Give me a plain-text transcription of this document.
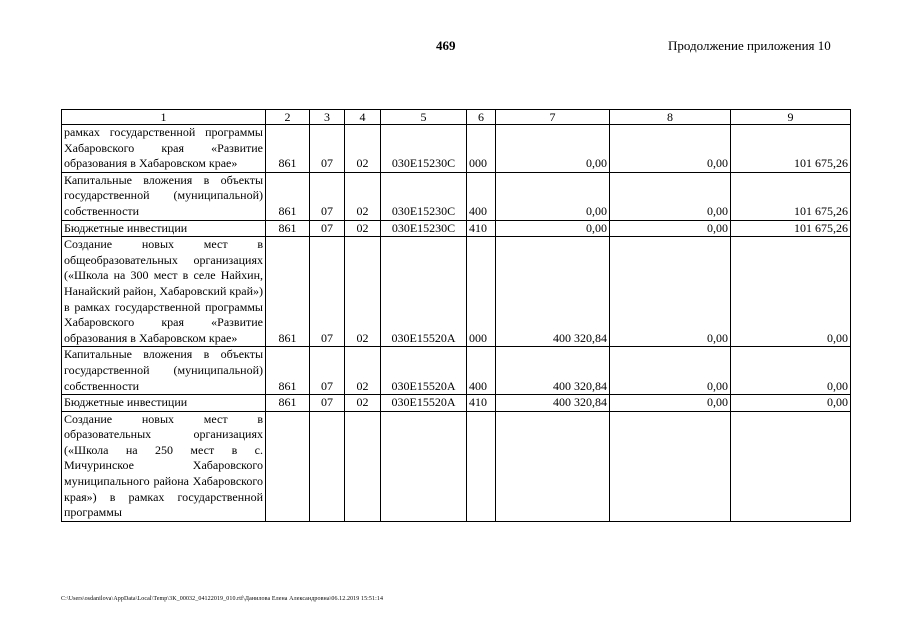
469	Продолжение приложения 10
1	2	3	4	5	6	7	8	9
рамках государственной программы Хабаровского края «Развитие образования в Хабаровском крае»	861	07	02	030E15230C	000	0,00	0,00	101 675,26
Капитальные вложения в объекты государственной (муниципальной) собственности	861	07	02	030E15230C	400	0,00	0,00	101 675,26
Бюджетные инвестиции	861	07	02	030E15230C	410	0,00	0,00	101 675,26
Создание новых мест в общеобразовательных организациях («Школа на 300 мест в селе Найхин, Нанайский район, Хабаровский край») в рамках государственной программы Хабаровского края «Развитие образования в Хабаровском крае»	861	07	02	030E15520A	000	400 320,84	0,00	0,00
Капитальные вложения в объекты государственной (муниципальной) собственности	861	07	02	030E15520A	400	400 320,84	0,00	0,00
Бюджетные инвестиции	861	07	02	030E15520A	410	400 320,84	0,00	0,00
Создание новых мест в образовательных организациях («Школа на 250 мест в с. Мичуринское Хабаровского муниципального района Хабаровского края») в рамках государственной программы								
C:\Users\osdanilova\AppData\Local\Temp\3K_00032_04122019_010.rtf\Данилова Елена Александровна\06.12.2019 15:51:14
